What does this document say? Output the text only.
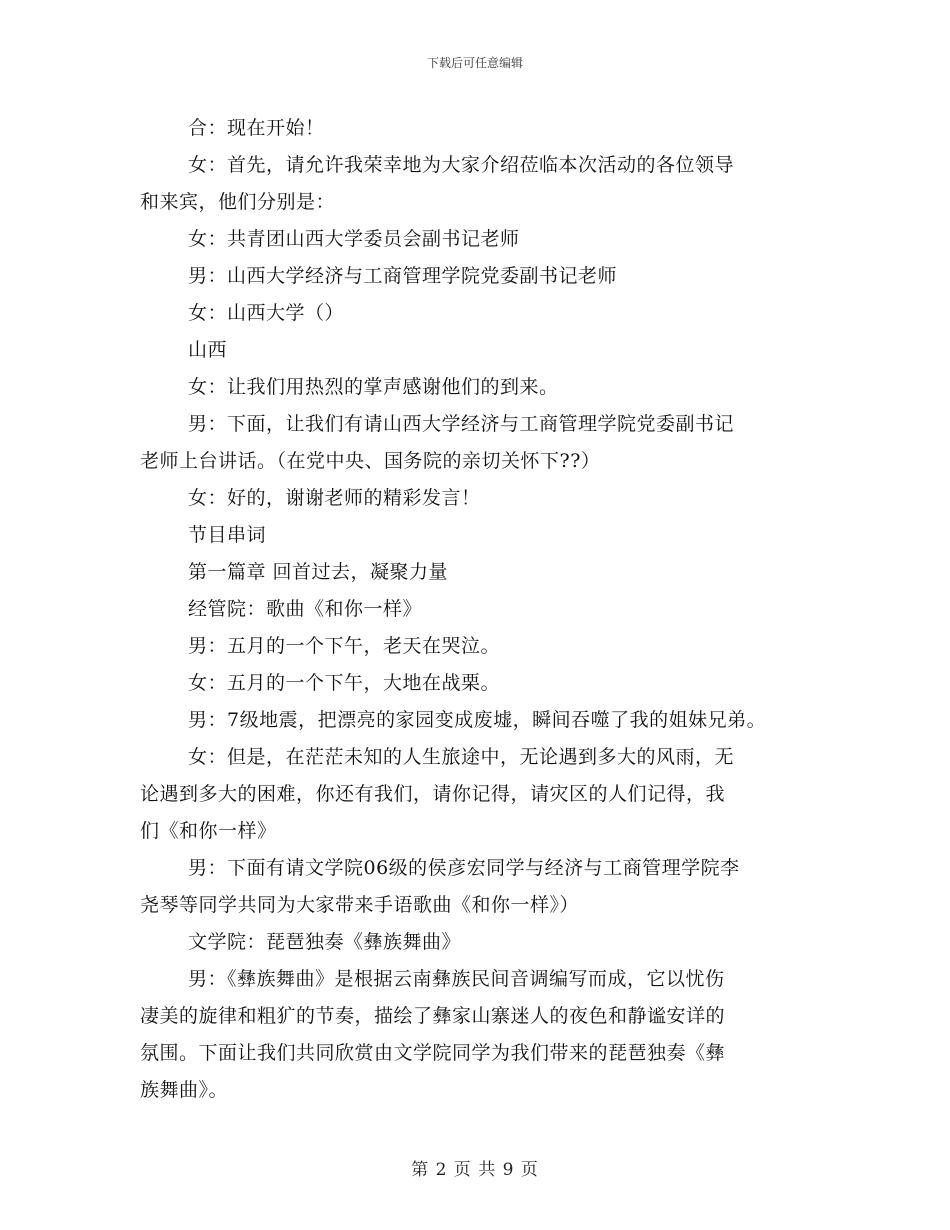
下载后可任意编辑
合：现在开始！
女：首先，请允许我荣幸地为大家介绍莅临本次活动的各位领导
和来宾，他们分别是：
女：共青团山西大学委员会副书记老师
男：山西大学经济与工商管理学院党委副书记老师
女：山西大学（）
山西
女：让我们用热烈的掌声感谢他们的到来。
男：下面，让我们有请山西大学经济与工商管理学院党委副书记
老师上台讲话。（在党中央、国务院的亲切关怀下??）
女：好的，谢谢老师的精彩发言！
节目串词
第一篇章 回首过去，凝聚力量
经管院：歌曲《和你一样》
男：五月的一个下午，老天在哭泣。
女：五月的一个下午，大地在战栗。
男：7级地震，把漂亮的家园变成废墟，瞬间吞噬了我的姐妹兄弟。
女：但是，在茫茫未知的人生旅途中，无论遇到多大的风雨，无
论遇到多大的困难，你还有我们，请你记得，请灾区的人们记得，我
们《和你一样》
男：下面有请文学院06级的侯彦宏同学与经济与工商管理学院李
尧琴等同学共同为大家带来手语歌曲《和你一样》）
文学院：琵琶独奏《彝族舞曲》
男：《彝族舞曲》是根据云南彝族民间音调编写而成，它以忧伤
凄美的旋律和粗犷的节奏，描绘了彝家山寨迷人的夜色和静谧安详的
氛围。下面让我们共同欣赏由文学院同学为我们带来的琵琶独奏《彝
族舞曲》。
第 2 页 共 9 页
